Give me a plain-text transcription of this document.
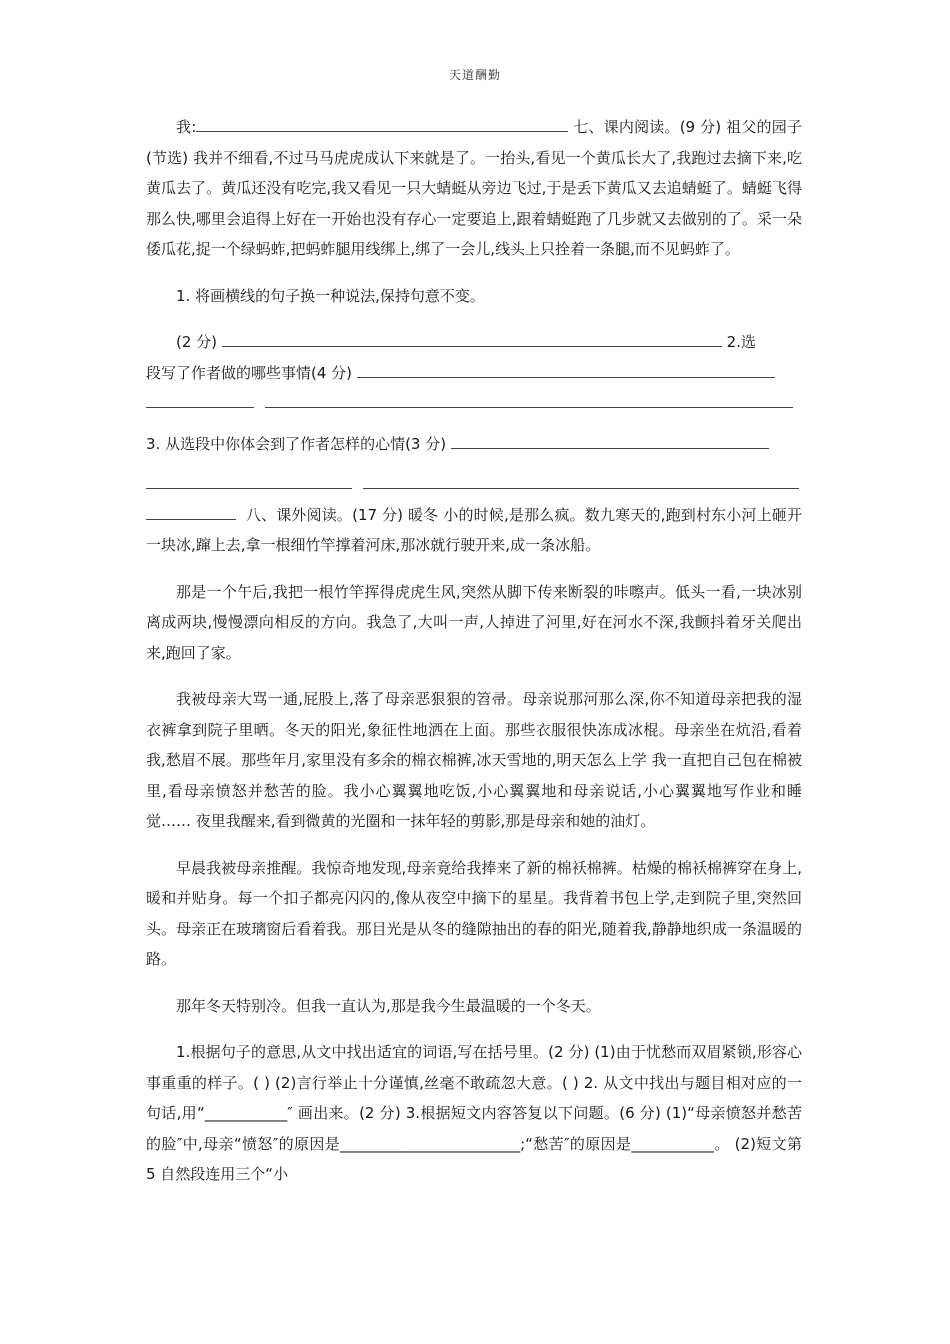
天道酬勤

我:	七、课内阅读。(9 分) 祖父的园子(节选) 我并不细看,不过马马虎虎成认下来就是了。一抬头,看见一个黄瓜长大了,我跑过去摘下来,吃黄瓜去了。黄瓜还没有吃完,我又看见一只大蜻蜓从旁边飞过,于是丢下黄瓜又去追蜻蜓了。蜻蜓飞得那么快,哪里会追得上好在一开始也没有存心一定要追上,跟着蜻蜓跑了几步就又去做别的了。采一朵倭瓜花,捉一个绿蚂蚱,把蚂蚱腿用线绑上,绑了一会儿,线头上只拴着一条腿,而不见蚂蚱了。

1. 将画横线的句子换一种说法,保持句意不变。

(2 分)	2.选

段写了作者做的哪些事情(4 分)

3. 从选段中你体会到了作者怎样的心情(3 分)

八、课外阅读。(17 分) 暖冬 小的时候,是那么疯。数九寒天的,跑到村东小河上砸开一块冰,蹿上去,拿一根细竹竿撑着河床,那冰就行驶开来,成一条冰船。

那是一个午后,我把一根竹竿挥得虎虎生风,突然从脚下传来断裂的咔嚓声。低头一看,一块冰别离成两块,慢慢漂向相反的方向。我急了,大叫一声,人掉进了河里,好在河水不深,我颤抖着牙关爬出来,跑回了家。

我被母亲大骂一通,屁股上,落了母亲恶狠狠的笤帚。母亲说那河那么深,你不知道母亲把我的湿衣裤拿到院子里晒。冬天的阳光,象征性地洒在上面。那些衣服很快冻成冰棍。母亲坐在炕沿,看着我,愁眉不展。那些年月,家里没有多余的棉衣棉裤,冰天雪地的,明天怎么上学 我一直把自己包在棉被里,看母亲愤怒并愁苦的脸。我小心翼翼地吃饭,小心翼翼地和母亲说话,小心翼翼地写作业和睡觉…… 夜里我醒来,看到微黄的光圈和一抹年轻的剪影,那是母亲和她的油灯。

早晨我被母亲推醒。我惊奇地发现,母亲竟给我捧来了新的棉袄棉裤。枯燥的棉袄棉裤穿在身上,暖和并贴身。每一个扣子都亮闪闪的,像从夜空中摘下的星星。我背着书包上学,走到院子里,突然回头。母亲正在玻璃窗后看着我。那目光是从冬的缝隙抽出的春的阳光,随着我,静静地织成一条温暖的路。

那年冬天特别冷。但我一直认为,那是我今生最温暖的一个冬天。

1.根据句子的意思,从文中找出适宜的词语,写在括号里。(2 分) (1)由于忧愁而双眉紧锁,形容心事重重的样子。( ) (2)言行举止十分谨慎,丝毫不敢疏忽大意。( ) 2. 从文中找出与题目相对应的一句话,用“___________″ 画出来。(2 分) 3.根据短文内容答复以下问题。(6 分) (1)“母亲愤怒并愁苦的脸″中,母亲“愤怒″的原因是________________________;“愁苦″的原因是___________。 (2)短文第 5 自然段连用三个“小
